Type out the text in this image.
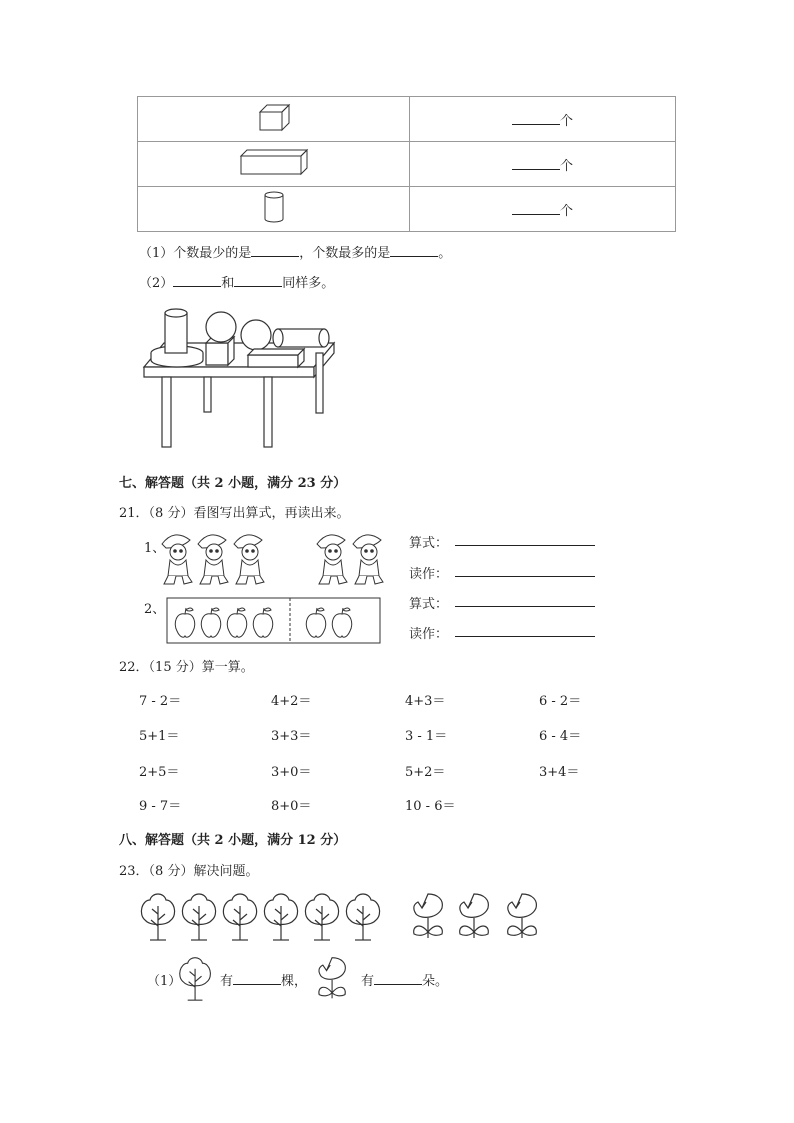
	个
	个
	个
（1）个数最少的是	，个数最多的是	。
（2）	和	同样多。
七、解答题（共 2 小题，满分 23 分）
21．（8 分）看图写出算式，再读出来。
1、
2、
算式：
读作：
算式：
读作：
22．（15 分）算一算。
7 - 2＝	4+2＝	4+3＝	6 - 2＝
5+1＝	3+3＝	3 - 1＝	6 - 4＝
2+5＝	3+0＝	5+2＝	3+4＝
9 - 7＝	8+0＝	10 - 6＝
八、解答题（共 2 小题，满分 12 分）
23．（8 分）解决问题。
（1）	有	棵，	有	朵。
